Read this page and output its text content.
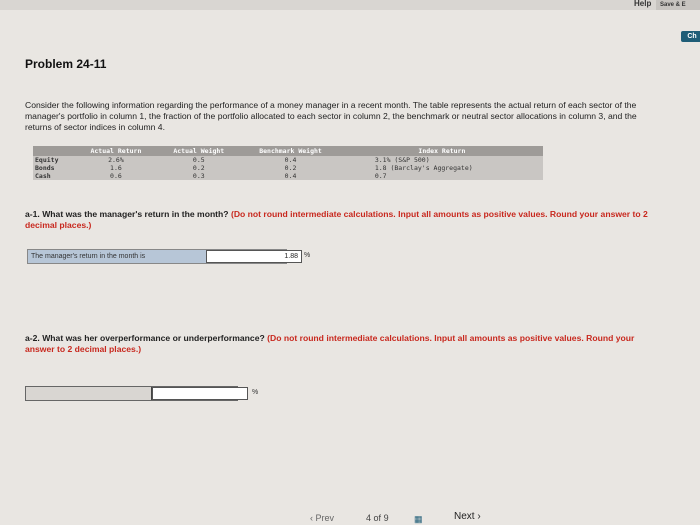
Help	Save & E
Ch
Problem 24-11
Consider the following information regarding the performance of a money manager in a recent month. The table represents the actual return of each sector of the manager's portfolio in column 1, the fraction of the portfolio allocated to each sector in column 2, the benchmark or neutral sector allocations in column 3, and the returns of sector indices in column 4.
	Actual Return	Actual Weight	Benchmark Weight	Index Return
Equity	2.6%	0.5	0.4	3.1% (S&P 500)
Bonds	1.6	0.2	0.2	1.8 (Barclay's Aggregate)
Cash	0.6	0.3	0.4	0.7
a-1. What was the manager's return in the month? (Do not round intermediate calculations. Input all amounts as positive values. Round your answer to 2 decimal places.)
The manager's return in the month is	1.88 %
a-2. What was her overperformance or underperformance? (Do not round intermediate calculations. Input all amounts as positive values. Round your answer to 2 decimal places.)
%
‹ Prev	4 of 9	▦	Next ›
